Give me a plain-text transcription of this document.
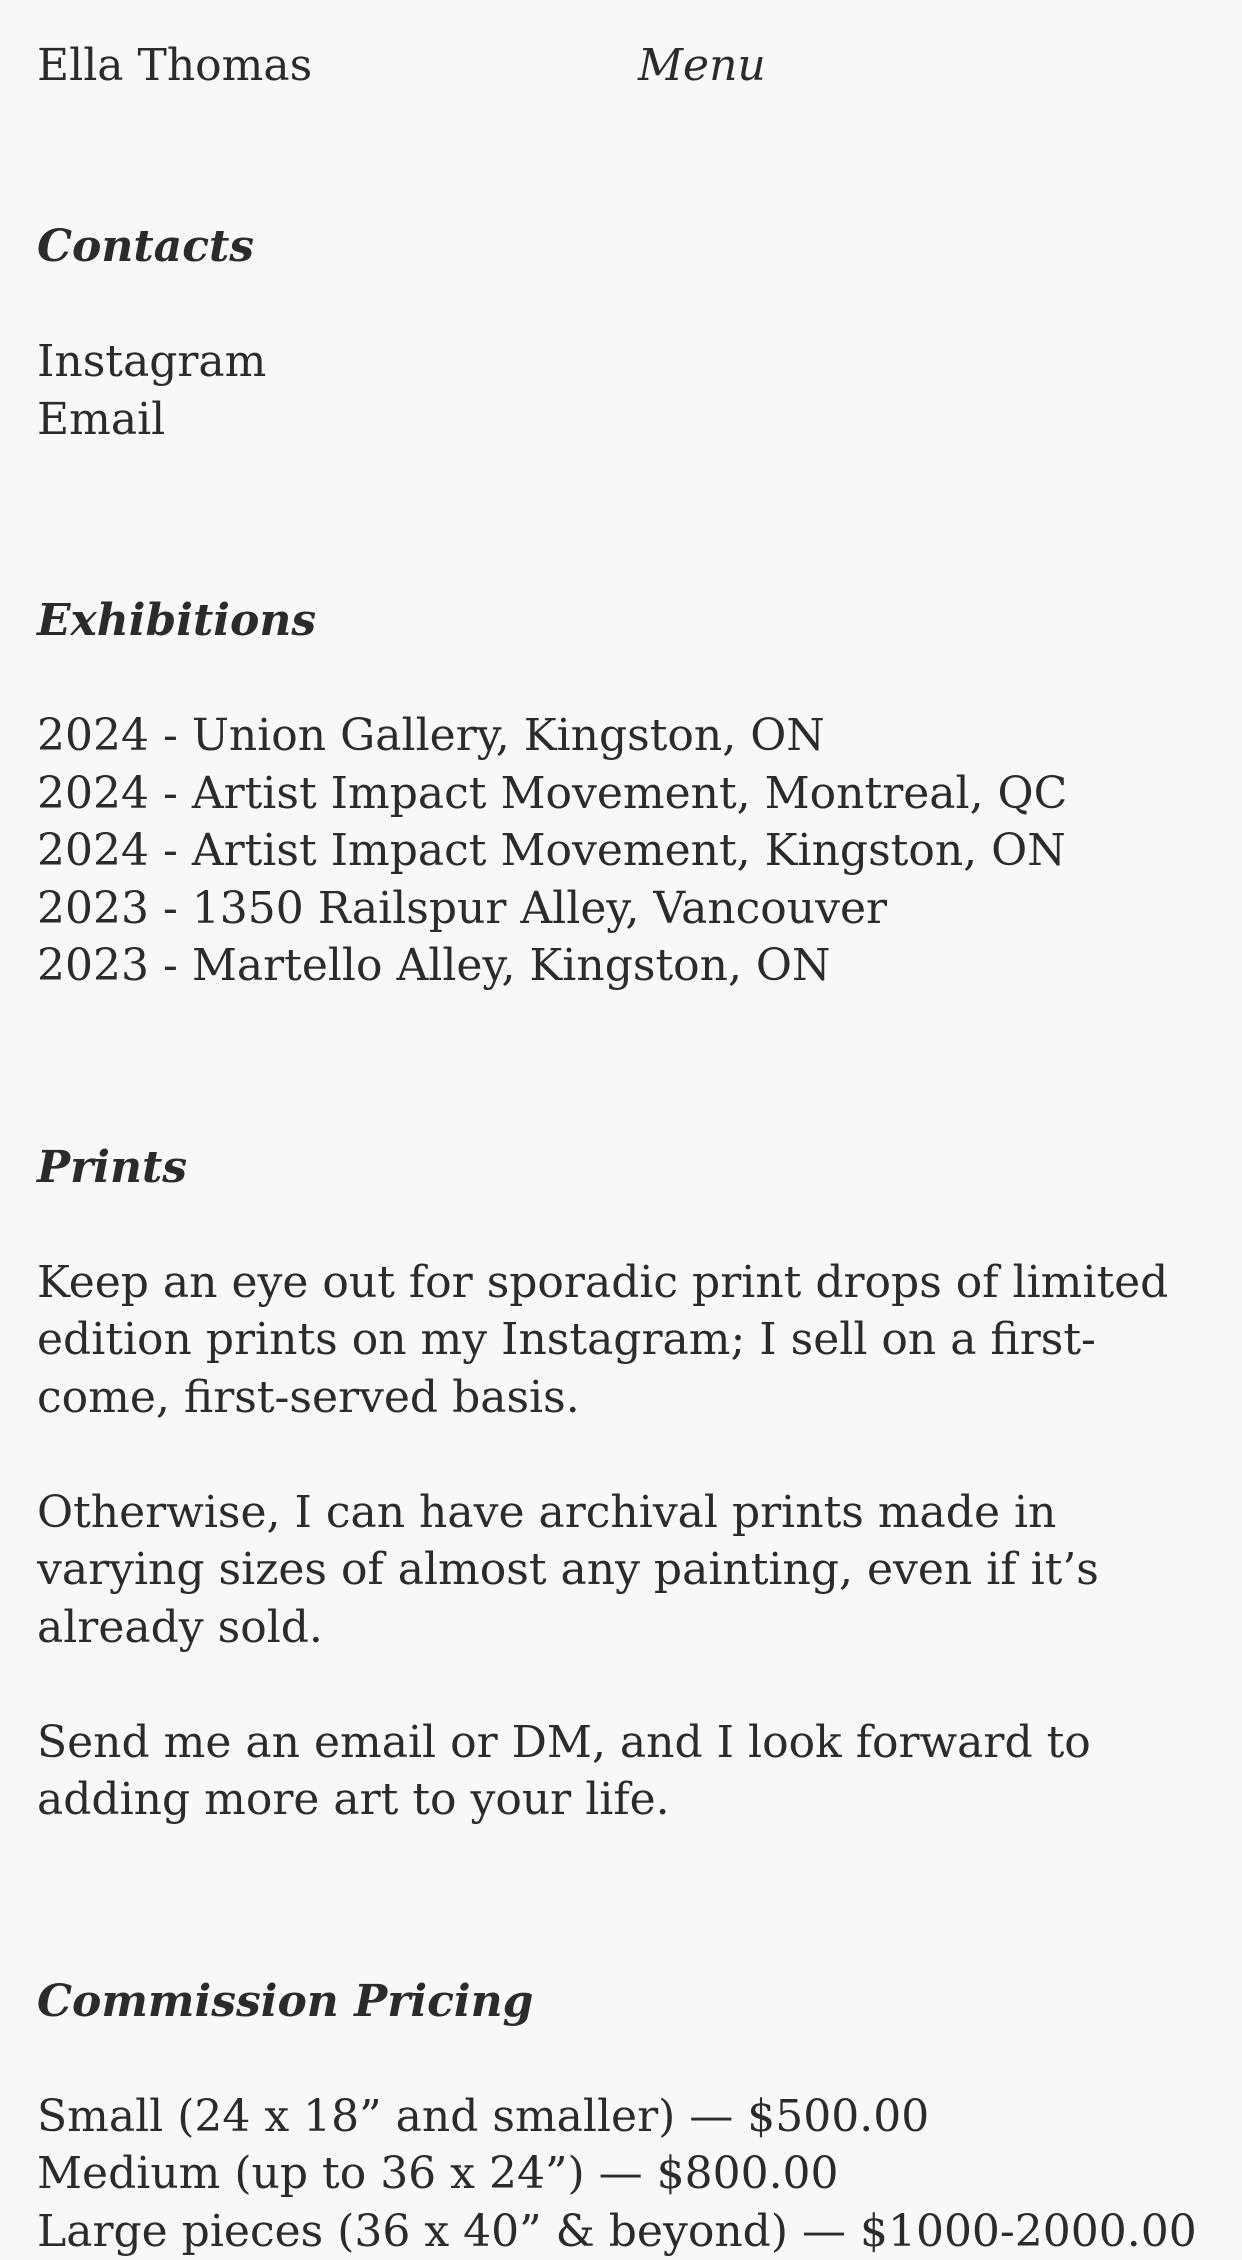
Ella Thomas	Menu
Contacts
Instagram
Email
Exhibitions
2024 - Union Gallery, Kingston, ON
2024 - Artist Impact Movement, Montreal, QC
2024 - Artist Impact Movement, Kingston, ON
2023 - 1350 Railspur Alley, Vancouver
2023 - Martello Alley, Kingston, ON
Prints

Keep an eye out for sporadic print drops of limited edition prints on my Instagram; I sell on a first-come, first-served basis.

Otherwise, I can have archival prints made in varying sizes of almost any painting, even if it’s already sold.

Send me an email or DM, and I look forward to adding more art to your life.

Commission Pricing
Small (24 x 18” and smaller) — $500.00
Medium (up to 36 x 24”) — $800.00
Large pieces (36 x 40” & beyond) — $1000-2000.00
